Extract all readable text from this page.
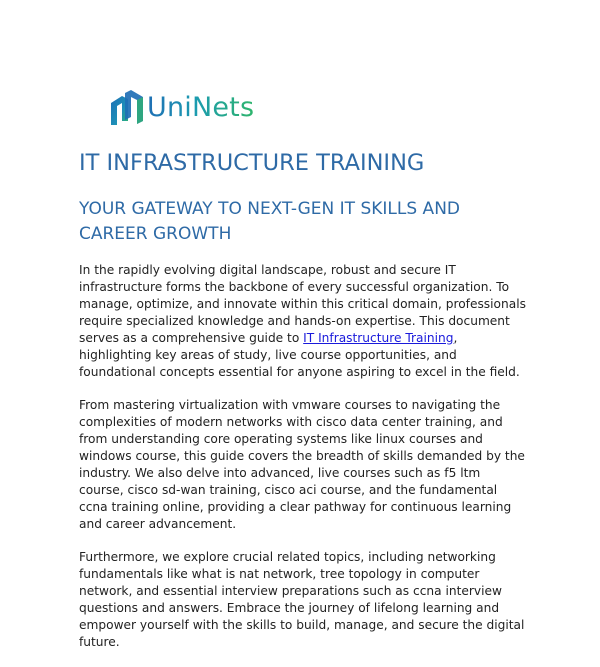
UniNets
IT INFRASTRUCTURE TRAINING
YOUR GATEWAY TO NEXT-GEN IT SKILLS AND CAREER GROWTH

In the rapidly evolving digital landscape, robust and secure IT infrastructure forms the backbone of every successful organization. To manage, optimize, and innovate within this critical domain, professionals require specialized knowledge and hands-on expertise. This document serves as a comprehensive guide to IT Infrastructure Training, highlighting key areas of study, live course opportunities, and foundational concepts essential for anyone aspiring to excel in the field.

From mastering virtualization with vmware courses to navigating the complexities of modern networks with cisco data center training, and from understanding core operating systems like linux courses and windows course, this guide covers the breadth of skills demanded by the industry. We also delve into advanced, live courses such as f5 ltm course, cisco sd-wan training, cisco aci course, and the fundamental ccna training online, providing a clear pathway for continuous learning and career advancement.

Furthermore, we explore crucial related topics, including networking fundamentals like what is nat network, tree topology in computer network, and essential interview preparations such as ccna interview questions and answers. Embrace the journey of lifelong learning and empower yourself with the skills to build, manage, and secure the digital future.
